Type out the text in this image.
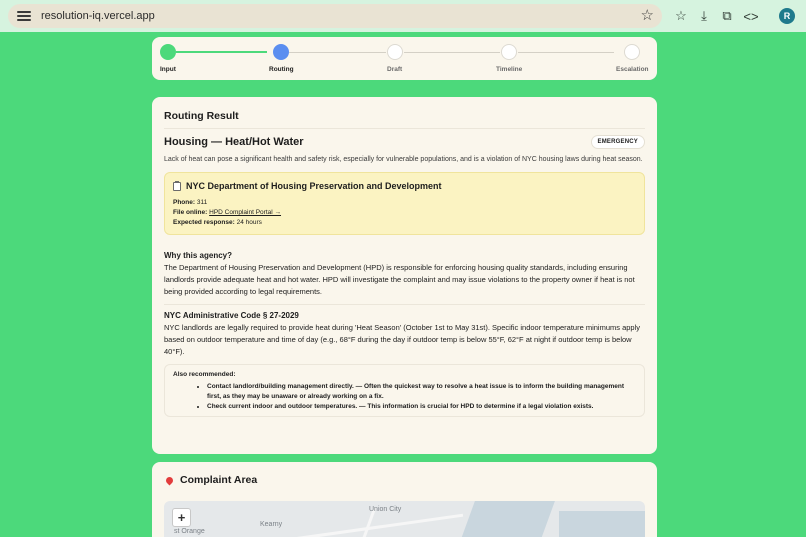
resolution-iq.vercel.app	☆ ☆	⤓	⧉ <>	R
Input	Routing	Draft	Timeline	Escalation
Routing Result
Housing — Heat/Hot Water	EMERGENCY

Lack of heat can pose a significant health and safety risk, especially for vulnerable populations, and is a violation of NYC housing laws during heat season.

NYC Department of Housing Preservation and Development
Phone: 311
File online: HPD Complaint Portal →
Expected response: 24 hours
Why this agency?

The Department of Housing Preservation and Development (HPD) is responsible for enforcing housing quality standards, including ensuring landlords provide adequate heat and hot water. HPD will investigate the complaint and may issue violations to the property owner if heat is not being provided according to legal requirements.

NYC Administrative Code § 27-2029

NYC landlords are legally required to provide heat during 'Heat Season' (October 1st to May 31st). Specific indoor temperature minimums apply based on outdoor temperature and time of day (e.g., 68°F during the day if outdoor temp is below 55°F, 62°F at night if outdoor temp is below 40°F).

Also recommended:
• Contact landlord/building management directly. — Often the quickest way to resolve a heat issue is to inform the building management first, as they may be unaware or already working on a fix.
• Check current indoor and outdoor temperatures. — This information is crucial for HPD to determine if a legal violation exists.
Complaint Area
Union City
Kearny
st Orange
+
